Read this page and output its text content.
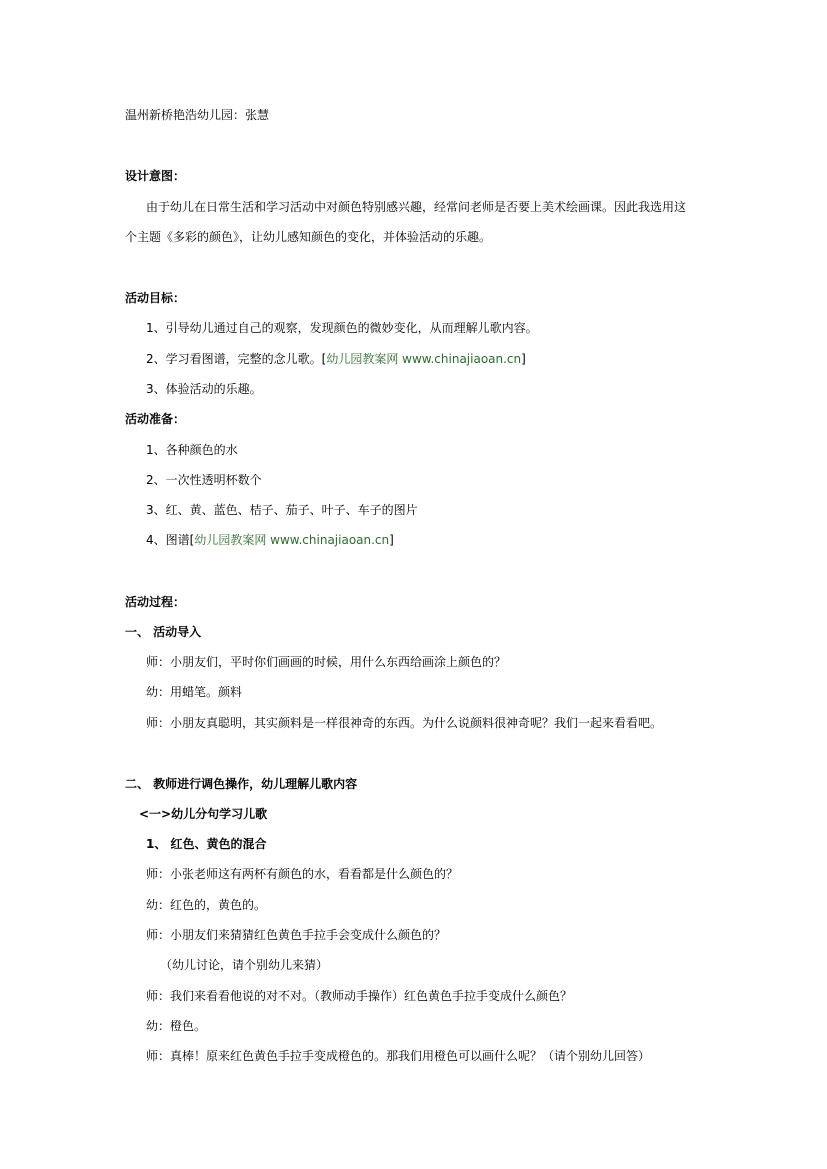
温州新桥艳浩幼儿园：张慧
设计意图：
由于幼儿在日常生活和学习活动中对颜色特别感兴趣，经常问老师是否要上美术绘画课。因此我选用这
个主题《多彩的颜色》，让幼儿感知颜色的变化，并体验活动的乐趣。
活动目标：
1、引导幼儿通过自己的观察，发现颜色的微妙变化，从而理解儿歌内容。
2、学习看图谱，完整的念儿歌。[幼儿园教案网 www.chinajiaoan.cn]
3、体验活动的乐趣。
活动准备：
1、各种颜色的水
2、一次性透明杯数个
3、红、黄、蓝色、桔子、茄子、叶子、车子的图片
4、图谱[幼儿园教案网 www.chinajiaoan.cn]
活动过程：
一、 活动导入
师：小朋友们，平时你们画画的时候，用什么东西给画涂上颜色的？
幼：用蜡笔。颜料
师：小朋友真聪明，其实颜料是一样很神奇的东西。为什么说颜料很神奇呢？我们一起来看看吧。
二、 教师进行调色操作，幼儿理解儿歌内容
<一>幼儿分句学习儿歌
1、 红色、黄色的混合
师：小张老师这有两杯有颜色的水，看看都是什么颜色的？
幼：红色的，黄色的。
师：小朋友们来猜猜红色黄色手拉手会变成什么颜色的？
（幼儿讨论，请个别幼儿来猜）
师：我们来看看他说的对不对。（教师动手操作）红色黄色手拉手变成什么颜色？
幼：橙色。
师：真棒！原来红色黄色手拉手变成橙色的。那我们用橙色可以画什么呢？（请个别幼儿回答）
